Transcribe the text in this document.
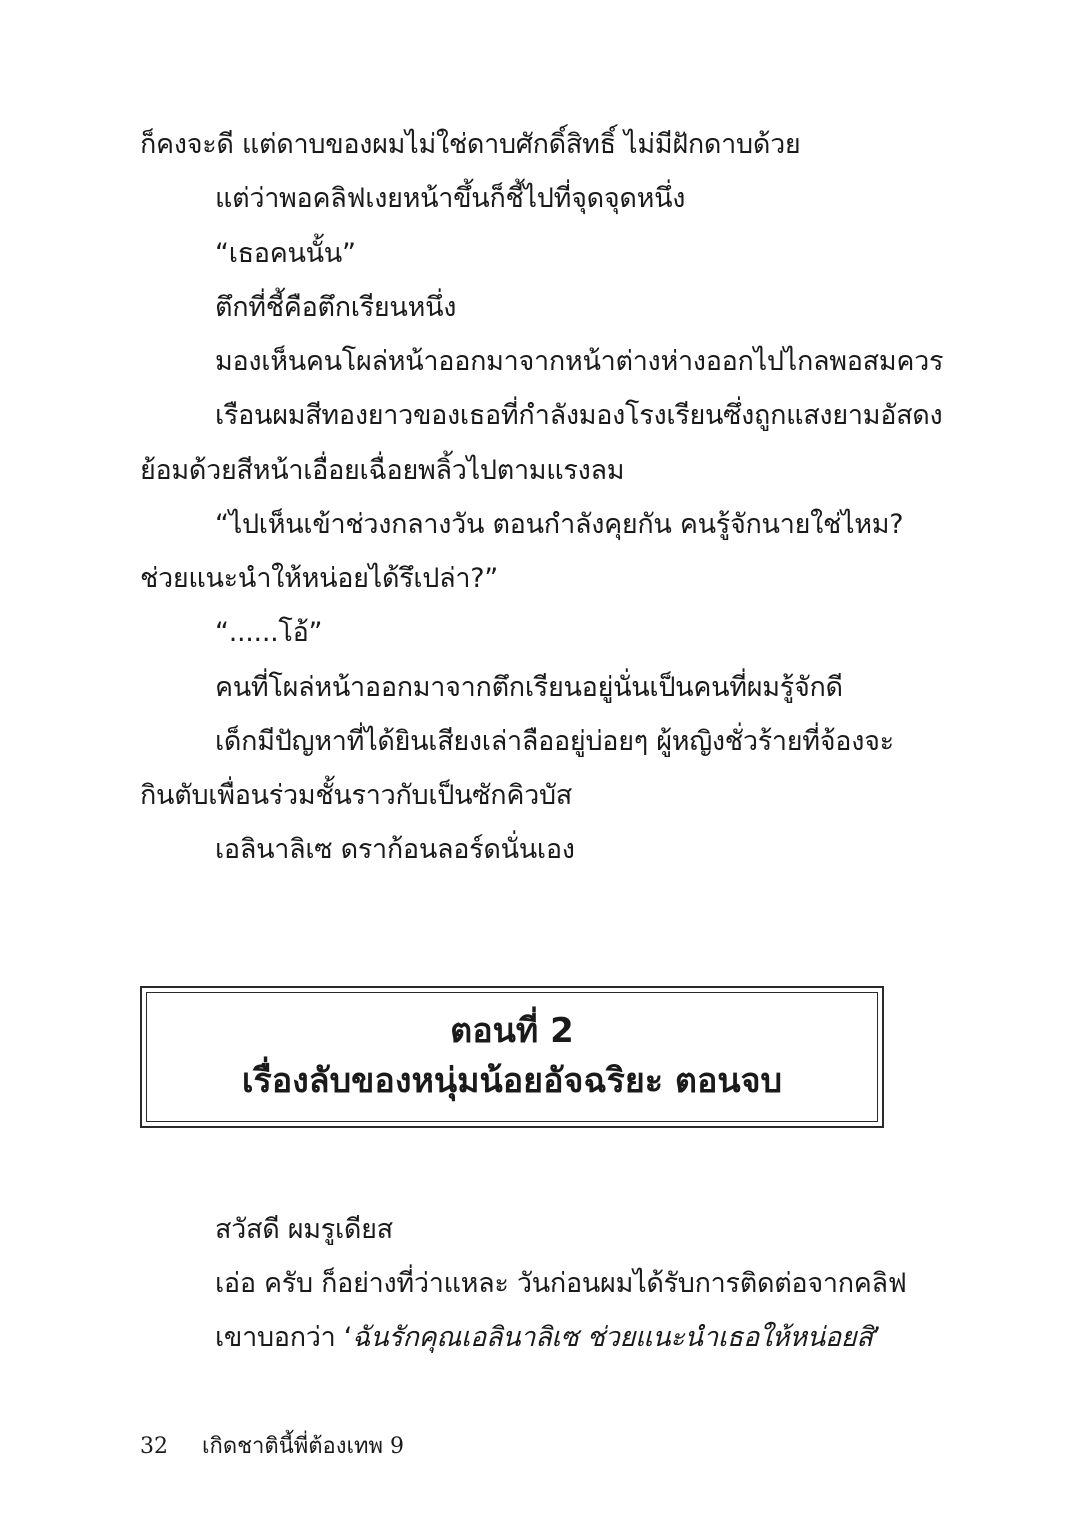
ก็คงจะดี แต่ดาบของผมไม่ใช่ดาบศักดิ์สิทธิ์ ไม่มีฝักดาบด้วย
แต่ว่าพอคลิฟเงยหน้าขึ้นก็ชี้ไปที่จุดจุดหนึ่ง
“เธอคนนั้น”
ตึกที่ชี้คือตึกเรียนหนึ่ง
มองเห็นคนโผล่หน้าออกมาจากหน้าต่างห่างออกไปไกลพอสมควร
เรือนผมสีทองยาวของเธอที่กำลังมองโรงเรียนซึ่งถูกแสงยามอัสดง
ย้อมด้วยสีหน้าเอื่อยเฉื่อยพลิ้วไปตามแรงลม
“ไปเห็นเข้าช่วงกลางวัน ตอนกำลังคุยกัน คนรู้จักนายใช่ไหม?
ช่วยแนะนำให้หน่อยได้รึเปล่า?”
“......โอ้”
คนที่โผล่หน้าออกมาจากตึกเรียนอยู่นั่นเป็นคนที่ผมรู้จักดี
เด็กมีปัญหาที่ได้ยินเสียงเล่าลืออยู่บ่อยๆ ผู้หญิงชั่วร้ายที่จ้องจะ
กินตับเพื่อนร่วมชั้นราวกับเป็นซักคิวบัส
เอลินาลิเซ ดราก้อนลอร์ดนั่นเอง
ตอนที่ 2
เรื่องลับของหนุ่มน้อยอัจฉริยะ ตอนจบ
สวัสดี ผมรูเดียส
เอ่อ ครับ ก็อย่างที่ว่าแหละ วันก่อนผมได้รับการติดต่อจากคลิฟ
เขาบอกว่า ‘ฉันรักคุณเอลินาลิเซ ช่วยแนะนำเธอให้หน่อยสิ’
32 เกิดชาตินี้พี่ต้องเทพ 9
